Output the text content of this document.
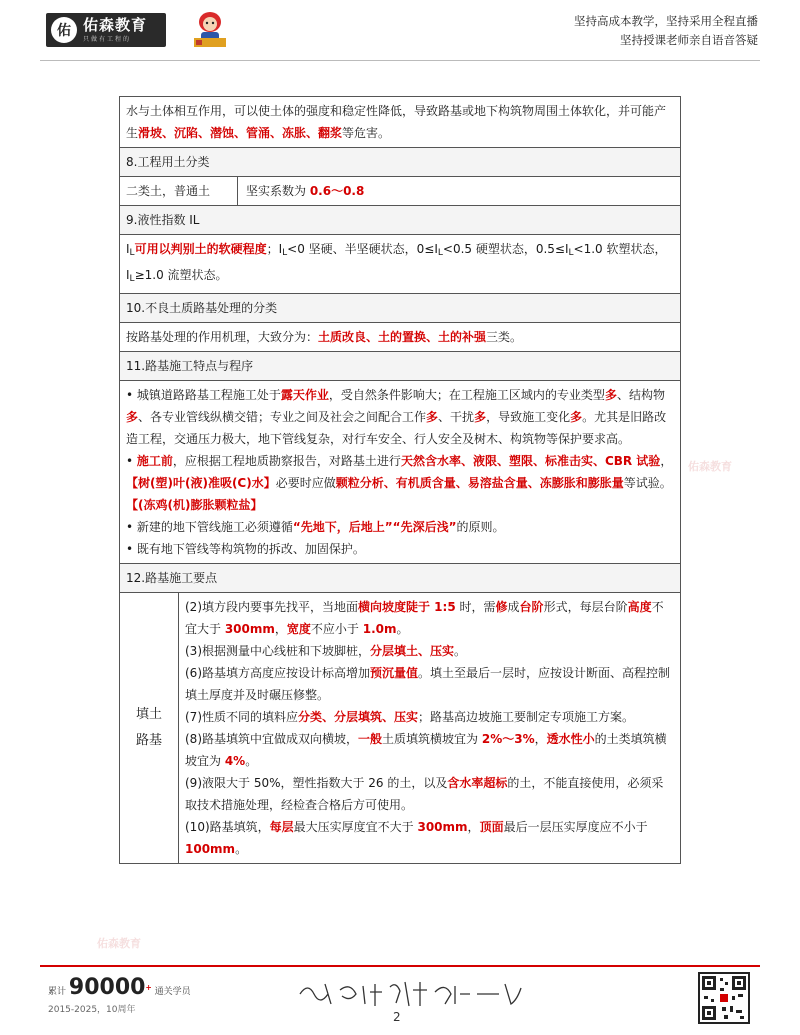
佑 佑森教育
只做有工程的
坚持高成本教学，坚持采用全程直播
坚持授课老师亲自语音答疑
佑森教育
佑森教育
水与土体相互作用，可以使土体的强度和稳定性降低，导致路基或地下构筑物周围土体软化，并可能产生滑坡、沉陷、潜蚀、管涌、冻胀、翻浆等危害。
8.工程用土分类

二类土，普通土	坚实系数为 0.6～0.8

9.液性指数 IL
$I_L$可用以判别土的软硬程度；$I_L<0$ 坚硬、半坚硬状态，$0\le I_L<0.5$ 硬塑状态，$0.5\le I_L<1.0$ 软塑状态，$I_L\ge 1.0$ 流塑状态。
10.不良土质路基处理的分类
按路基处理的作用机理，大致分为：土质改良、土的置换、土的补强三类。
11.路基施工特点与程序

• 城镇道路路基工程施工处于露天作业，受自然条件影响大；在工程施工区域内的专业类型多、结构物多、各专业管线纵横交错；专业之间及社会之间配合工作多、干扰多，导致施工变化多。尤其是旧路改造工程，交通压力极大，地下管线复杂，对行车安全、行人安全及树木、构筑物等保护要求高。
• 施工前，应根据工程地质勘察报告，对路基土进行天然含水率、液限、塑限、标准击实、CBR 试验，【树(塑)叶(液)准吸(C)水】必要时应做颗粒分析、有机质含量、易溶盐含量、冻膨胀和膨胀量等试验。【(冻鸡(机)膨胀颗粒盐】
• 新建的地下管线施工必须遵循“先地下，后地上”“先深后浅”的原则。
• 既有地下管线等构筑物的拆改、加固保护。

12.路基施工要点

填土
路基

(2)填方段内要事先找平，当地面横向坡度陡于 1:5 时，需修成台阶形式，每层台阶高度不宜大于 300mm，宽度不应小于 1.0m。

(3)根据测量中心线桩和下坡脚桩，分层填土、压实。

(6)路基填方高度应按设计标高增加预沉量值。填土至最后一层时，应按设计断面、高程控制填土厚度并及时碾压修整。

(7)性质不同的填料应分类、分层填筑、压实；路基高边坡施工要制定专项施工方案。

(8)路基填筑中宜做成双向横坡，一般土质填筑横坡宜为 2%～3%，透水性小的土类填筑横坡宜为 4%。

(9)液限大于 50%，塑性指数大于 26 的土，以及含水率超标的土，不能直接使用，必须采取技术措施处理，经检查合格后方可使用。

(10)路基填筑，每层最大压实厚度宜不大于 300mm，顶面最后一层压实厚度应不小于 100mm。

累计 90000+ 通关学员
2015-2025，10周年	2
